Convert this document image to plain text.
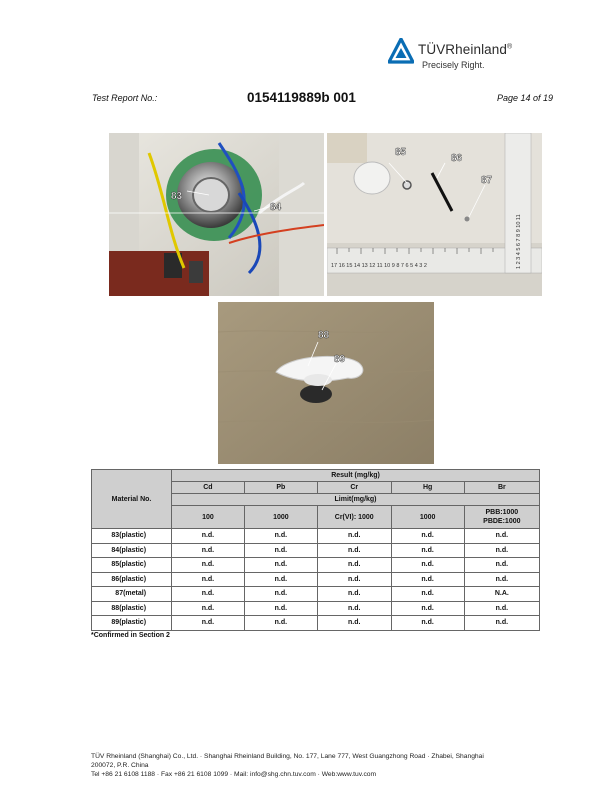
TÜVRheinland®
Precisely Right.
Test Report No.:	0154119889b 001	Page 14 of 19
83
84
17 16 15 14 13 12 11 10 9 8 7 6 5 4 3 2	1 2 3 4 5 6 7 8 9 10 11
85
86
87
88
89
Material No.	Result (mg/kg)				
	Cd	Pb	Cr	Hg	Br
	Limit(mg/kg)				
	100	1000	Cr(VI): 1000	1000	PBB:1000
PBDE:1000
83(plastic)	n.d.	n.d.	n.d.	n.d.	n.d.
84(plastic)	n.d.	n.d.	n.d.	n.d.	n.d.
85(plastic)	n.d.	n.d.	n.d.	n.d.	n.d.
86(plastic)	n.d.	n.d.	n.d.	n.d.	n.d.
87(metal)	n.d.	n.d.	n.d.	n.d.	N.A.
88(plastic)	n.d.	n.d.	n.d.	n.d.	n.d.
89(plastic)	n.d.	n.d.	n.d.	n.d.	n.d.
*Confirmed in Section 2
TÜV Rheinland (Shanghai) Co., Ltd. · Shanghai Rheinland Building, No. 177, Lane 777, West Guangzhong Road · Zhabei, Shanghai
200072, P.R. China
Tel +86 21 6108 1188 · Fax +86 21 6108 1099 · Mail: info@shg.chn.tuv.com · Web:www.tuv.com
